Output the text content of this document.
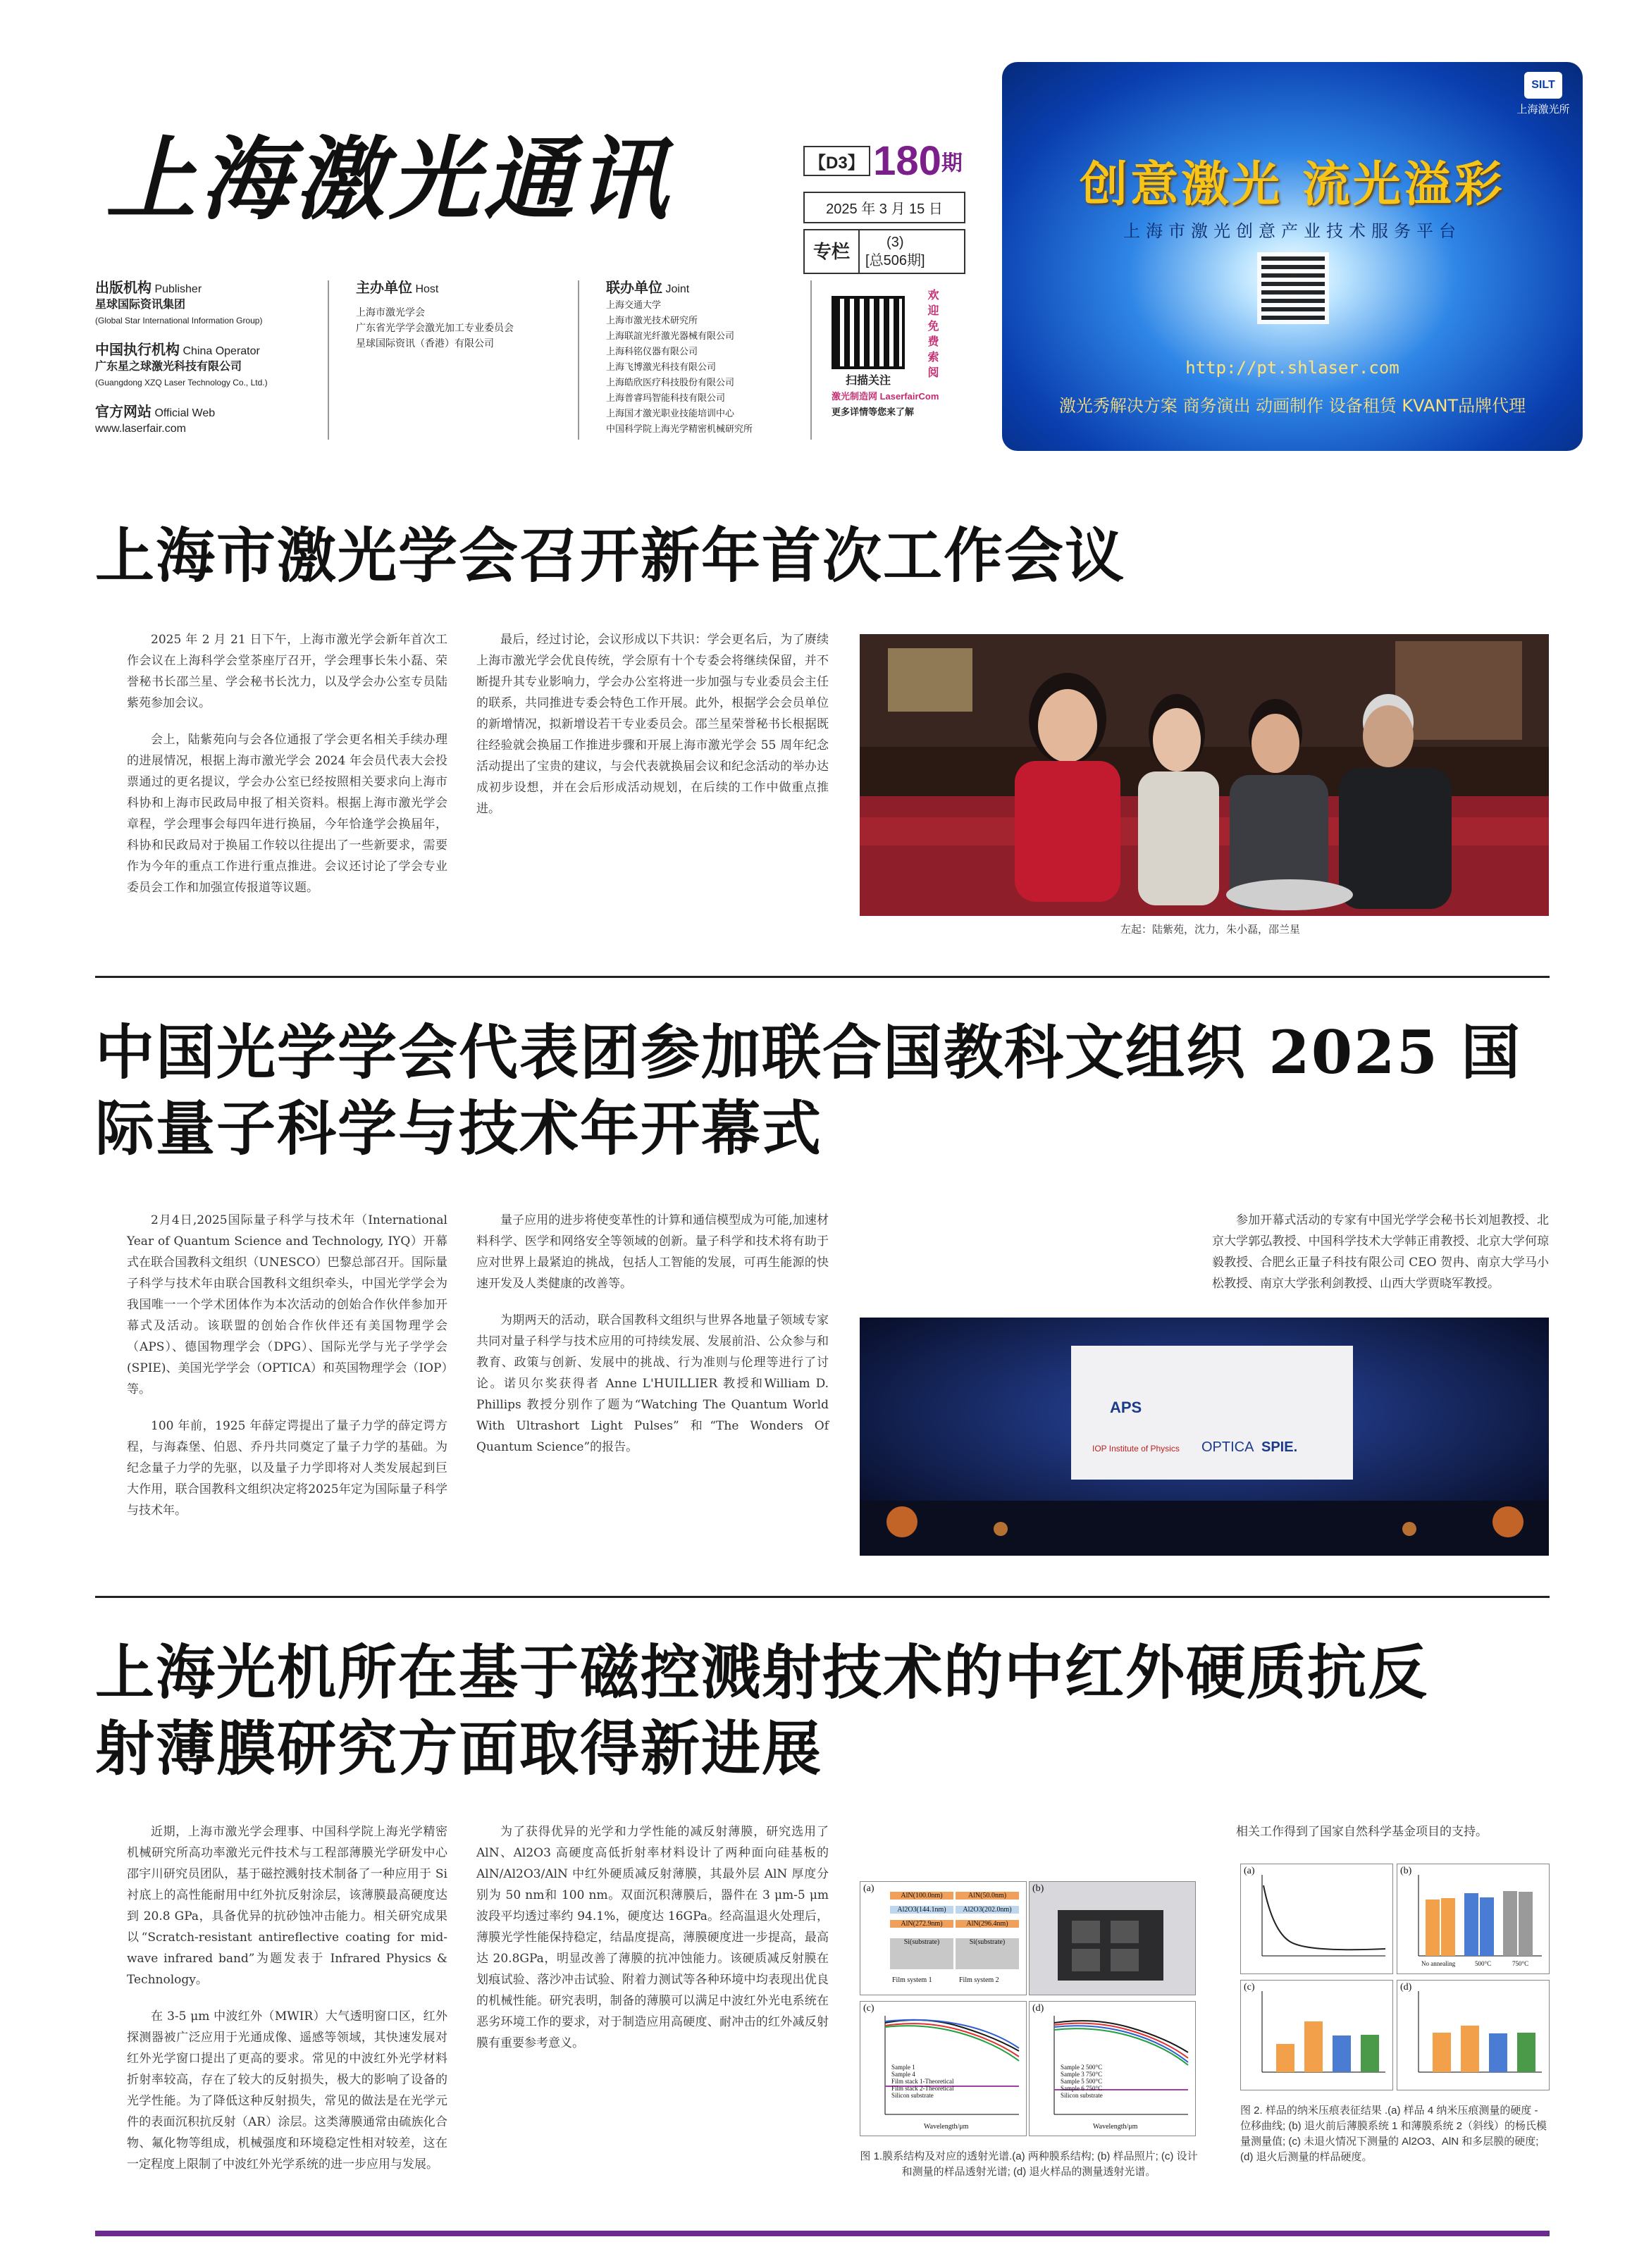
上海激光通讯	【D3】 180期
2025 年 3 月 15 日
专栏	(3)
[总506期]
SILT
上海激光所
创意激光 流光溢彩
上海市激光创意产业技术服务平台
http://pt.shlaser.com
激光秀解决方案 商务演出 动画制作 设备租赁 KVANT品牌代理
出版机构 Publisher
星球国际资讯集团
(Global Star International Information Group)
中国执行机构 China Operator
广东星之球激光科技有限公司
(Guangdong XZQ Laser Technology Co., Ltd.)
官方网站 Official Web
www.laserfair.com
主办单位 Host
上海市激光学会
广东省光学学会激光加工专业委员会
星球国际资讯（香港）有限公司
联办单位 Joint
上海交通大学
上海市激光技术研究所
上海联誼光纤激光器械有限公司
上海科铭仪器有限公司
上海飞博激光科技有限公司
上海皓欣医疗科技股份有限公司
上海普睿玛智能科技有限公司
上海国才激光职业技能培训中心
中国科学院上海光学精密机械研究所
欢迎免费索阅
扫描关注
激光制造网 LaserfairCom
更多详情等您来了解
上海市激光学会召开新年首次工作会议

2025 年 2 月 21 日下午，上海市激光学会新年首次工作会议在上海科学会堂茶座厅召开，学会理事长朱小磊、荣誉秘书长邵兰星、学会秘书长沈力，以及学会办公室专员陆紫苑参加会议。

会上，陆紫苑向与会各位通报了学会更名相关手续办理的进展情况，根据上海市激光学会 2024 年会员代表大会投票通过的更名提议，学会办公室已经按照相关要求向上海市科协和上海市民政局申报了相关资料。根据上海市激光学会章程，学会理事会每四年进行换届，今年恰逢学会换届年，科协和民政局对于换届工作较以往提出了一些新要求，需要作为今年的重点工作进行重点推进。会议还讨论了学会专业委员会工作和加强宣传报道等议题。

最后，经过讨论，会议形成以下共识：学会更名后，为了赓续上海市激光学会优良传统，学会原有十个专委会将继续保留，并不断提升其专业影响力，学会办公室将进一步加强与专业委员会主任的联系，共同推进专委会特色工作开展。此外，根据学会会员单位的新增情况，拟新增设若干专业委员会。邵兰星荣誉秘书长根据既往经验就会换届工作推进步骤和开展上海市激光学会 55 周年纪念活动提出了宝贵的建议，与会代表就换届会议和纪念活动的举办达成初步设想，并在会后形成活动规划，在后续的工作中做重点推进。

左起：陆紫苑，沈力，朱小磊，邵兰星
中国光学学会代表团参加联合国教科文组织 2025 国
际量子科学与技术年开幕式

2月4日,2025国际量子科学与技术年（International Year of Quantum Science and Technology, IYQ）开幕式在联合国教科文组织（UNESCO）巴黎总部召开。国际量子科学与技术年由联合国教科文组织牵头，中国光学学会为我国唯一一个学术团体作为本次活动的创始合作伙伴参加开幕式及活动。该联盟的创始合作伙伴还有美国物理学会（APS）、德国物理学会（DPG）、国际光学与光子学学会(SPIE)、美国光学学会（OPTICA）和英国物理学会（IOP）等。

100 年前，1925 年薛定谔提出了量子力学的薛定谔方程，与海森堡、伯恩、乔丹共同奠定了量子力学的基础。为纪念量子力学的先驱，以及量子力学即将对人类发展起到巨大作用，联合国教科文组织决定将2025年定为国际量子科学与技术年。

量子应用的进步将使变革性的计算和通信模型成为可能,加速材料科学、医学和网络安全等领域的创新。量子科学和技术将有助于应对世界上最紧迫的挑战，包括人工智能的发展，可再生能源的快速开发及人类健康的改善等。

为期两天的活动，联合国教科文组织与世界各地量子领域专家共同对量子科学与技术应用的可持续发展、发展前沿、公众参与和教育、政策与创新、发展中的挑战、行为准则与伦理等进行了讨论。诺贝尔奖获得者 Anne L'HUILLIER 教授和William D. Phillips 教授分别作了题为“Watching The Quantum World With Ultrashort Light Pulses” 和“The Wonders Of Quantum Science”的报告。

参加开幕式活动的专家有中国光学学会秘书长刘旭教授、北京大学郭弘教授、中国科学技术大学韩正甫教授、北京大学何琼毅教授、合肥幺正量子科技有限公司 CEO 贺冉、南京大学马小松教授、南京大学张利剑教授、山西大学贾晓军教授。

APS
IOP Institute of Physics OPTICA SPIE.
上海光机所在基于磁控溅射技术的中红外硬质抗反
射薄膜研究方面取得新进展

近期，上海市激光学会理事、中国科学院上海光学精密机械研究所高功率激光元件技术与工程部薄膜光学研发中心邵宇川研究员团队，基于磁控溅射技术制备了一种应用于 Si 衬底上的高性能耐用中红外抗反射涂层，该薄膜最高硬度达到 20.8 GPa，具备优异的抗砂蚀冲击能力。相关研究成果以“Scratch-resistant antireflective coating for mid-wave infrared band”为题发表于 Infrared Physics & Technology。

在 3-5 μm 中波红外（MWIR）大气透明窗口区，红外探测器被广泛应用于光通成像、遥感等领域，其快速发展对红外光学窗口提出了更高的要求。常见的中波红外光学材料折射率较高，存在了较大的反射损失，极大的影响了设备的光学性能。为了降低这种反射损失，常见的做法是在光学元件的表面沉积抗反射（AR）涂层。这类薄膜通常由硫族化合物、氟化物等组成，机械强度和环境稳定性相对较差，这在一定程度上限制了中波红外光学系统的进一步应用与发展。

为了获得优异的光学和力学性能的减反射薄膜，研究选用了 AlN、Al2O3 高硬度高低折射率材料设计了两种面向硅基板的 AlN/Al2O3/AlN 中红外硬质减反射薄膜，其最外层 AlN 厚度分别为 50 nm和 100 nm。双面沉积薄膜后，器件在 3 μm-5 μm 波段平均透过率约 94.1%，硬度达 16GPa。经高温退火处理后，薄膜光学性能保持稳定，结晶度提高，薄膜硬度进一步提高，最高达 20.8GPa，明显改善了薄膜的抗冲蚀能力。该硬质减反射膜在划痕试验、落沙冲击试验、附着力测试等各种环境中均表现出优良的机械性能。研究表明，制备的薄膜可以满足中波红外光电系统在恶劣环境工作的要求，对于制造应用高硬度、耐冲击的红外减反射膜有重要参考意义。

相关工作得到了国家自然科学基金项目的支持。

(a)
AlN(100.0nm)
Al2O3(144.1nm)
AlN(272.9nm)
Si(substrate)
AlN(50.0nm)
Al2O3(202.0nm)
AlN(296.4nm)
Si(substrate)
Film system 1	Film system 2
(b)
(c)
Sample 1
Sample 4
Film stack 1-Theoretical
Film stack 2-Theoretical
Silicon substrate
Wavelength/μm
(d)
Sample 2 500°C
Sample 3 750°C
Sample 5 500°C
Sample 6 750°C
Silicon substrate
Wavelength/μm
图 1.膜系结构及对应的透射光谱.(a) 两种膜系结构; (b) 样品照片; (c) 设计和测量的样品透射光谱; (d) 退火样品的测量透射光谱。
(a)	(b)
No annealing	500°C	750°C
(c)	(d)
图 2. 样品的纳米压痕表征结果 .(a) 样品 4 纳米压痕测量的硬度 - 位移曲线; (b) 退火前后薄膜系统 1 和薄膜系统 2（斜线）的杨氏模量测量值; (c) 未退火情况下测量的 Al2O3、AlN 和多层膜的硬度; (d) 退火后测量的样品硬度。
